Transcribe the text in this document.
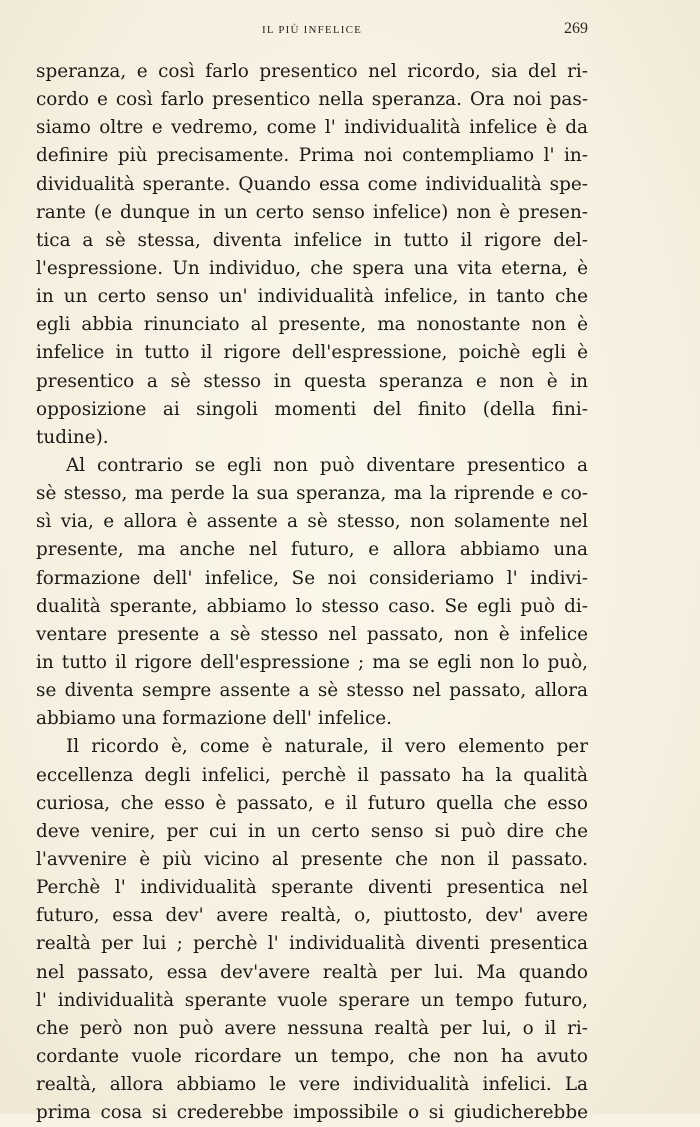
IL PIÙ INFELICE	269
speranza, e così farlo presentico nel ricordo, sia del ri-
cordo e così farlo presentico nella speranza. Ora noi pas-
siamo oltre e vedremo, come l' individualità infelice è da
definire più precisamente. Prima noi contempliamo l' in-
dividualità sperante. Quando essa come individualità spe-
rante (e dunque in un certo senso infelice) non è presen-
tica a sè stessa, diventa infelice in tutto il rigore del-
l'espressione. Un individuo, che spera una vita eterna, è
in un certo senso un' individualità infelice, in tanto che
egli abbia rinunciato al presente, ma nonostante non è
infelice in tutto il rigore dell'espressione, poichè egli è
presentico a sè stesso in questa speranza e non è in
opposizione ai singoli momenti del finito (della fini-
tudine).
Al contrario se egli non può diventare presentico a
sè stesso, ma perde la sua speranza, ma la riprende e co-
sì via, e allora è assente a sè stesso, non solamente nel
presente, ma anche nel futuro, e allora abbiamo una
formazione dell' infelice, Se noi consideriamo l' indivi-
dualità sperante, abbiamo lo stesso caso. Se egli può di-
ventare presente a sè stesso nel passato, non è infelice
in tutto il rigore dell'espressione ; ma se egli non lo può,
se diventa sempre assente a sè stesso nel passato, allora
abbiamo una formazione dell' infelice.
Il ricordo è, come è naturale, il vero elemento per
eccellenza degli infelici, perchè il passato ha la qualità
curiosa, che esso è passato, e il futuro quella che esso
deve venire, per cui in un certo senso si può dire che
l'avvenire è più vicino al presente che non il passato.
Perchè l' individualità sperante diventi presentica nel
futuro, essa dev' avere realtà, o, piuttosto, dev' avere
realtà per lui ; perchè l' individualità diventi presentica
nel passato, essa dev'avere realtà per lui. Ma quando
l' individualità sperante vuole sperare un tempo futuro,
che però non può avere nessuna realtà per lui, o il ri-
cordante vuole ricordare un tempo, che non ha avuto
realtà, allora abbiamo le vere individualità infelici. La
prima cosa si crederebbe impossibile o si giudicherebbe
